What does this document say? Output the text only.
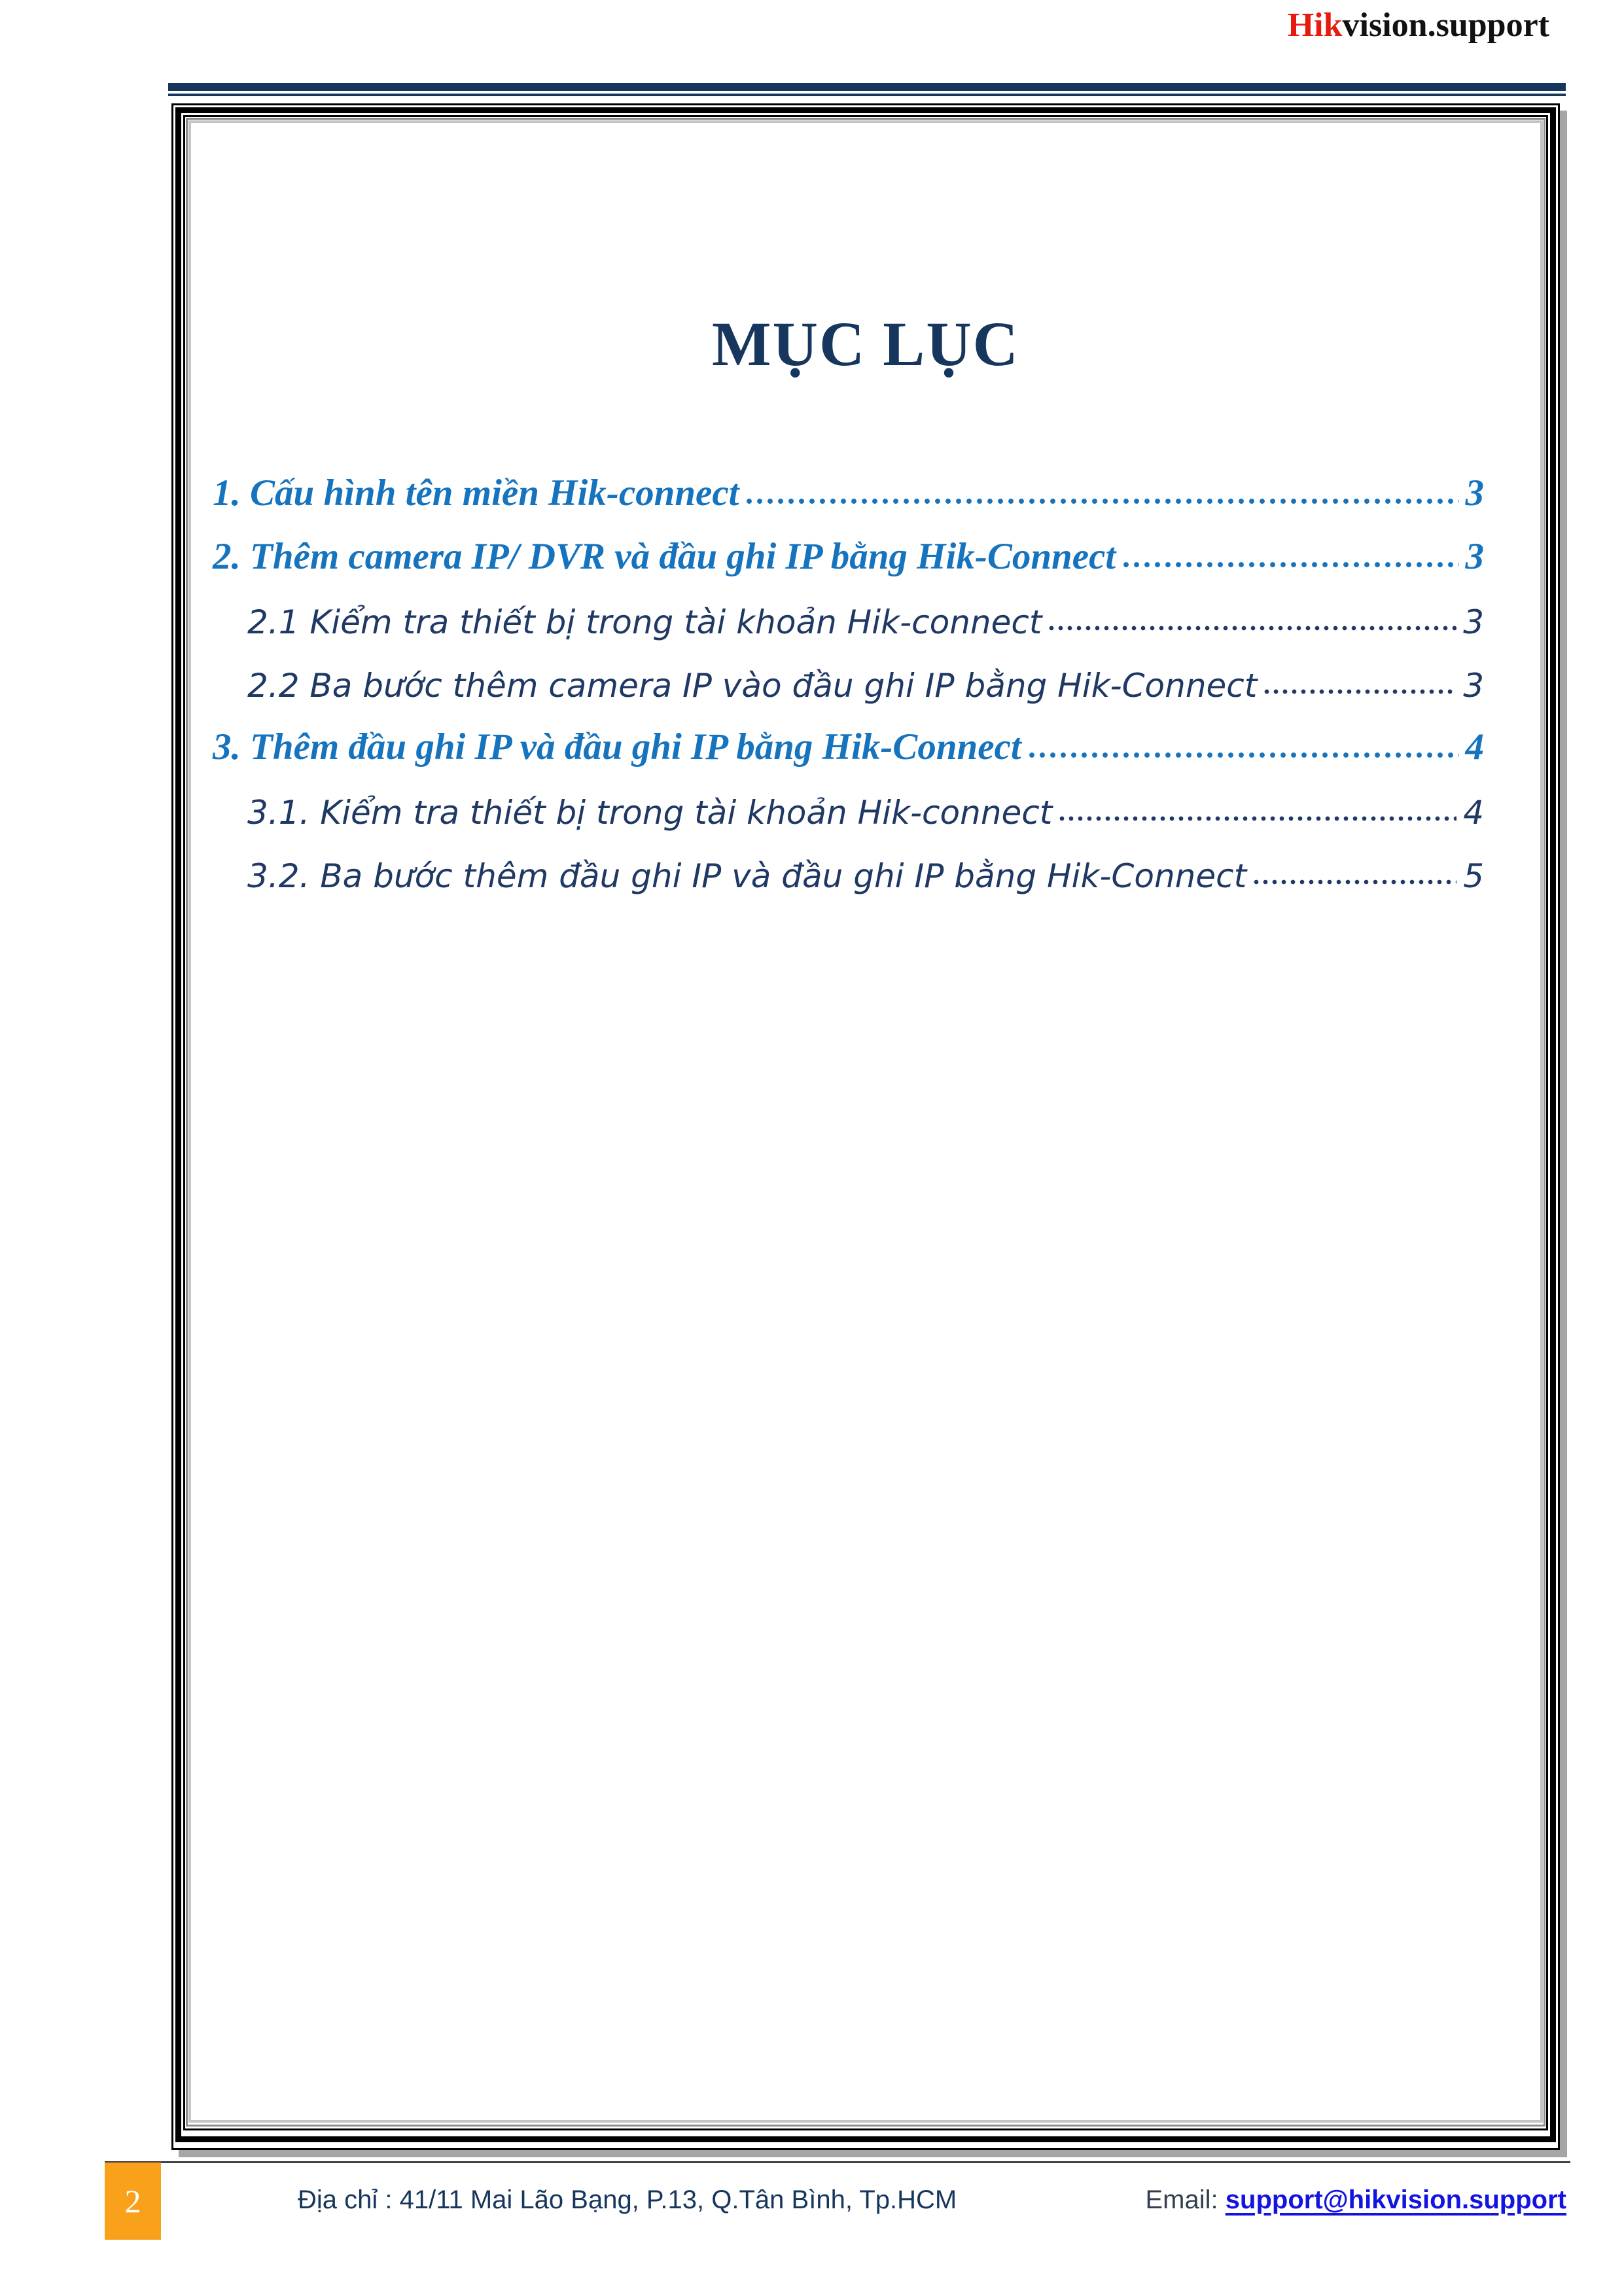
Hikvision.support
MỤC LỤC
1. Cấu hình tên miền Hik-connect	3
2. Thêm camera IP/ DVR và đầu ghi IP bằng Hik-Connect	3
2.1 Kiểm tra thiết bị trong tài khoản Hik-connect	3
2.2 Ba bước thêm camera IP vào đầu ghi IP bằng Hik-Connect	3
3. Thêm đầu ghi IP và đầu ghi IP bằng Hik-Connect	4
3.1. Kiểm tra thiết bị trong tài khoản Hik-connect	4
3.2. Ba bước thêm đầu ghi IP và đầu ghi IP bằng Hik-Connect	5
2	Địa chỉ : 41/11 Mai Lão Bạng, P.13, Q.Tân Bình, Tp.HCM	Email: support@hikvision.support
